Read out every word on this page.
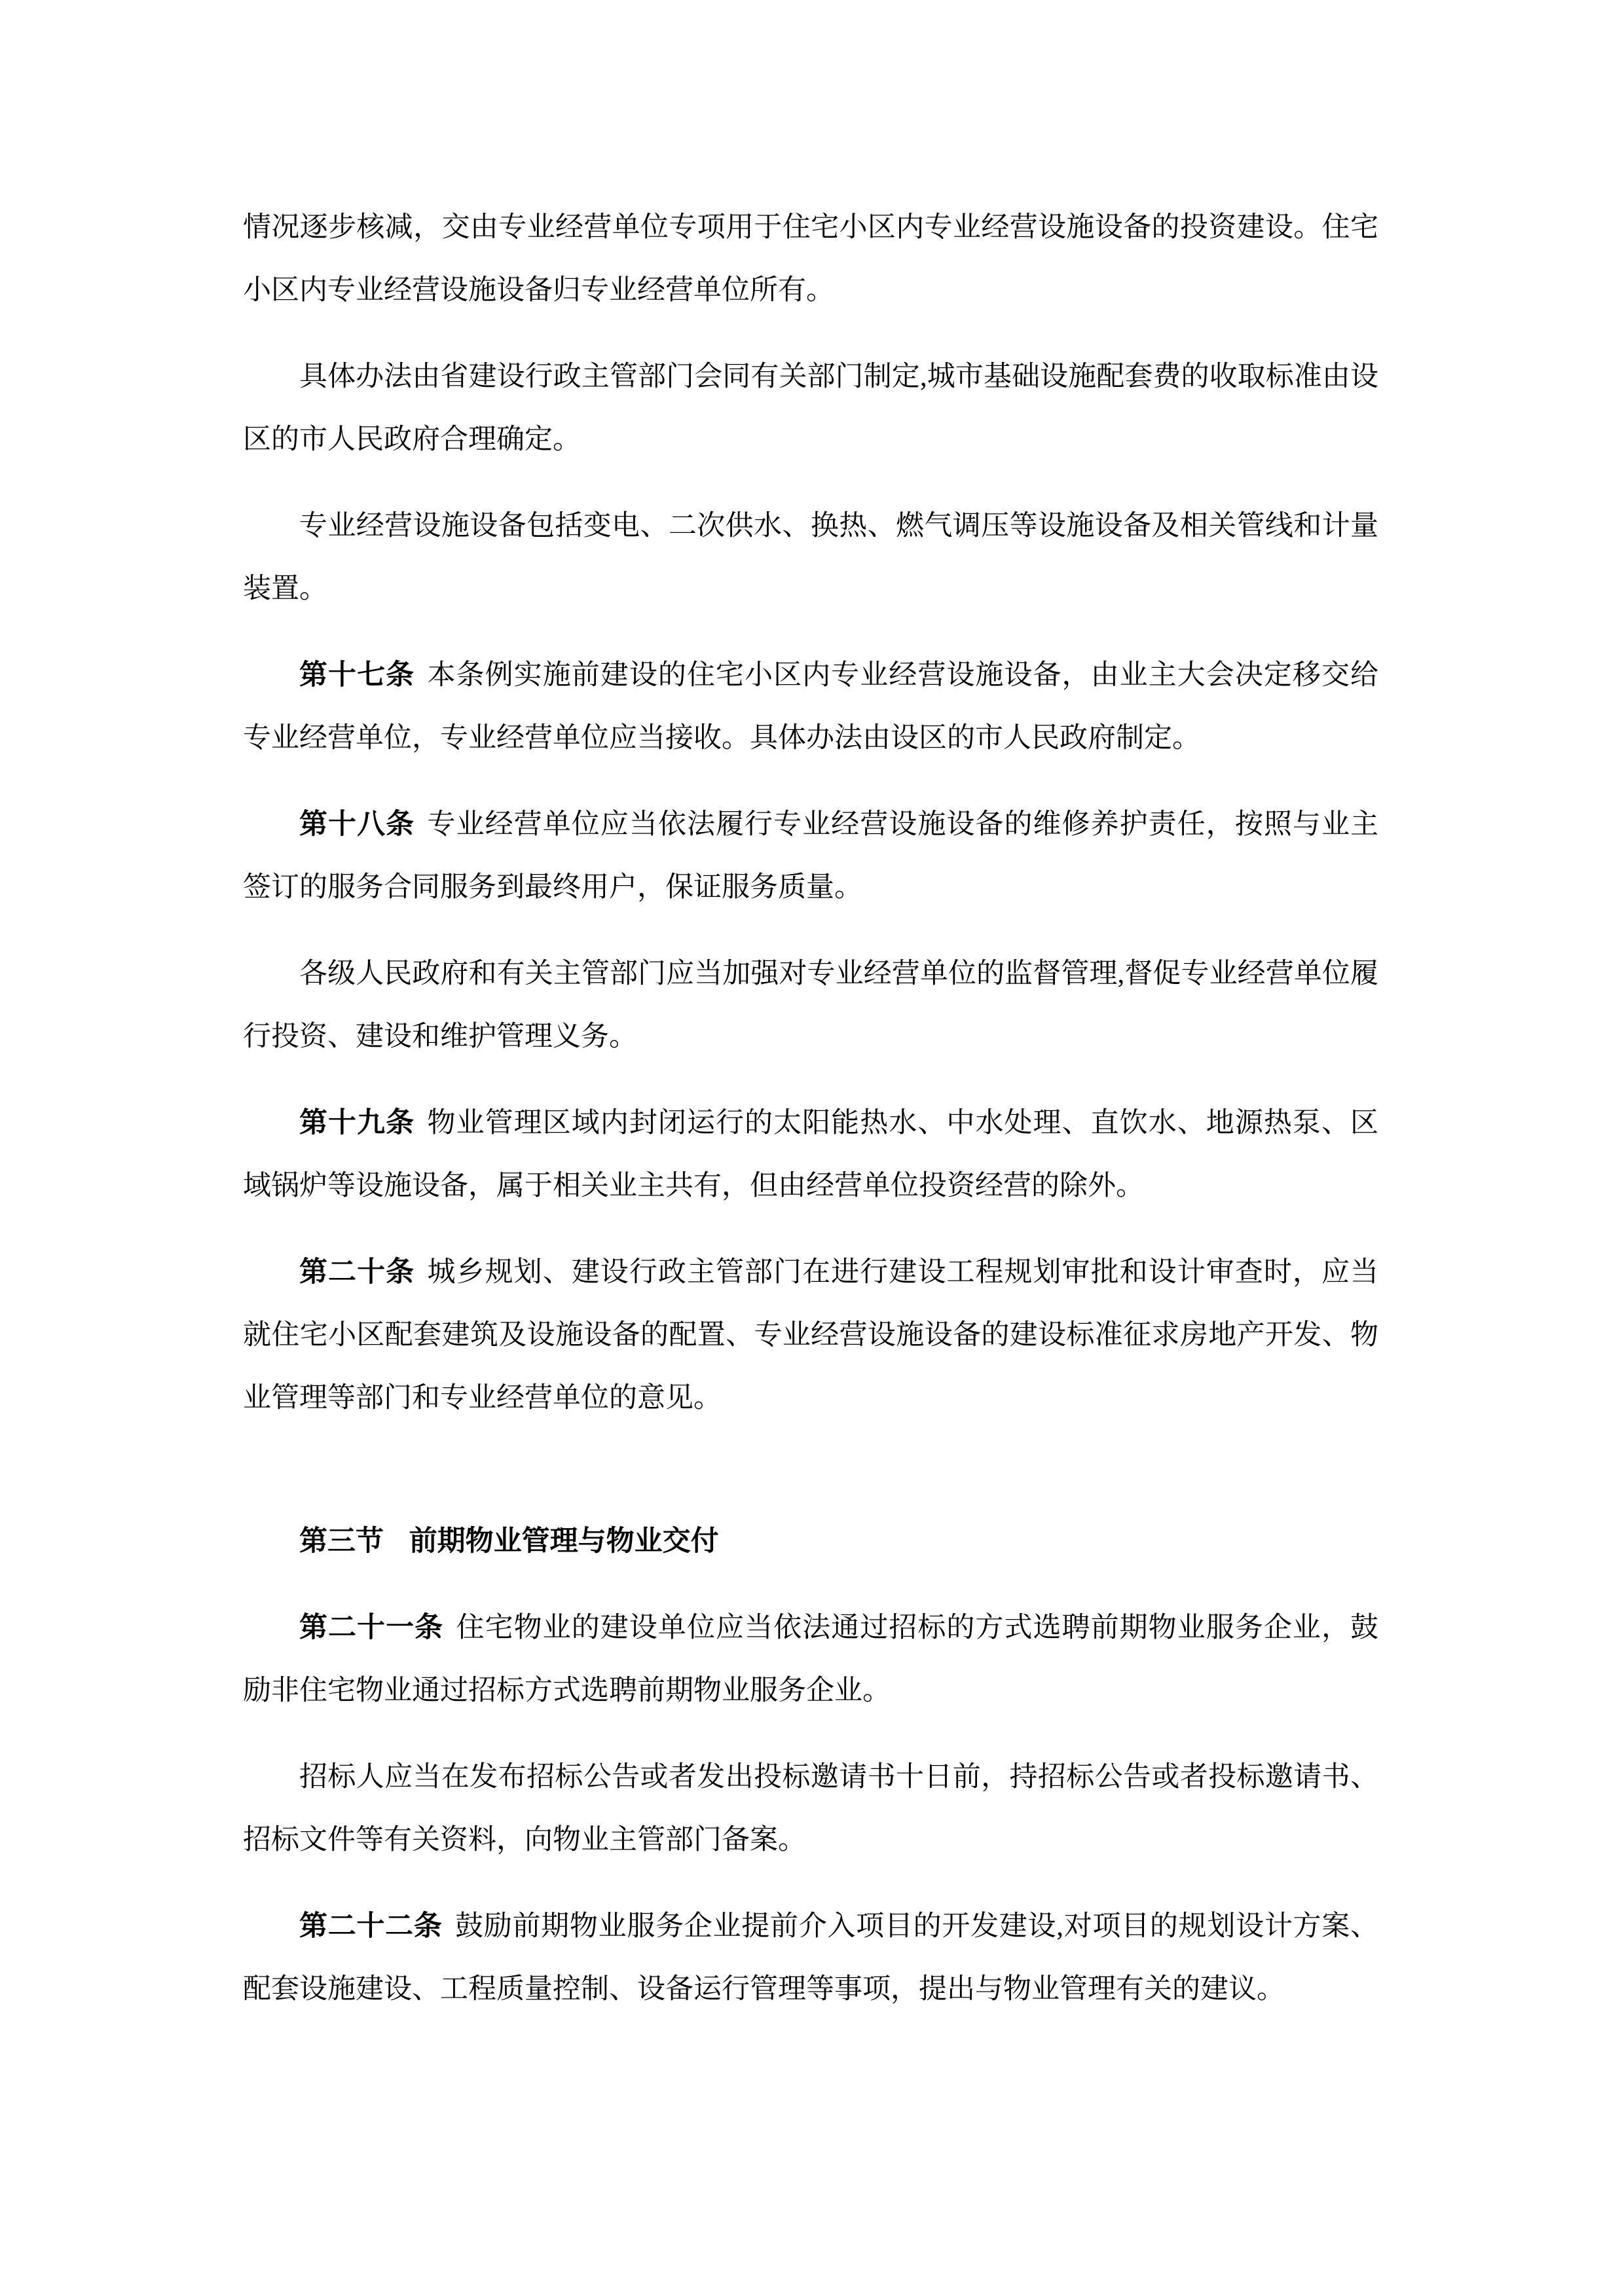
情况逐步核减，交由专业经营单位专项用于住宅小区内专业经营设施设备的投资建设。住宅小区内专业经营设施设备归专业经营单位所有。

具体办法由省建设行政主管部门会同有关部门制定,城市基础设施配套费的收取标准由设区的市人民政府合理确定。

专业经营设施设备包括变电、二次供水、换热、燃气调压等设施设备及相关管线和计量装置。

第十七条 本条例实施前建设的住宅小区内专业经营设施设备，由业主大会决定移交给专业经营单位，专业经营单位应当接收。具体办法由设区的市人民政府制定。

第十八条 专业经营单位应当依法履行专业经营设施设备的维修养护责任，按照与业主签订的服务合同服务到最终用户，保证服务质量。

各级人民政府和有关主管部门应当加强对专业经营单位的监督管理,督促专业经营单位履行投资、建设和维护管理义务。

第十九条 物业管理区域内封闭运行的太阳能热水、中水处理、直饮水、地源热泵、区域锅炉等设施设备，属于相关业主共有，但由经营单位投资经营的除外。

第二十条 城乡规划、建设行政主管部门在进行建设工程规划审批和设计审查时，应当就住宅小区配套建筑及设施设备的配置、专业经营设施设备的建设标准征求房地产开发、物业管理等部门和专业经营单位的意见。

第三节 前期物业管理与物业交付

第二十一条 住宅物业的建设单位应当依法通过招标的方式选聘前期物业服务企业，鼓励非住宅物业通过招标方式选聘前期物业服务企业。

招标人应当在发布招标公告或者发出投标邀请书十日前，持招标公告或者投标邀请书、招标文件等有关资料，向物业主管部门备案。

第二十二条 鼓励前期物业服务企业提前介入项目的开发建设,对项目的规划设计方案、配套设施建设、工程质量控制、设备运行管理等事项，提出与物业管理有关的建议。
